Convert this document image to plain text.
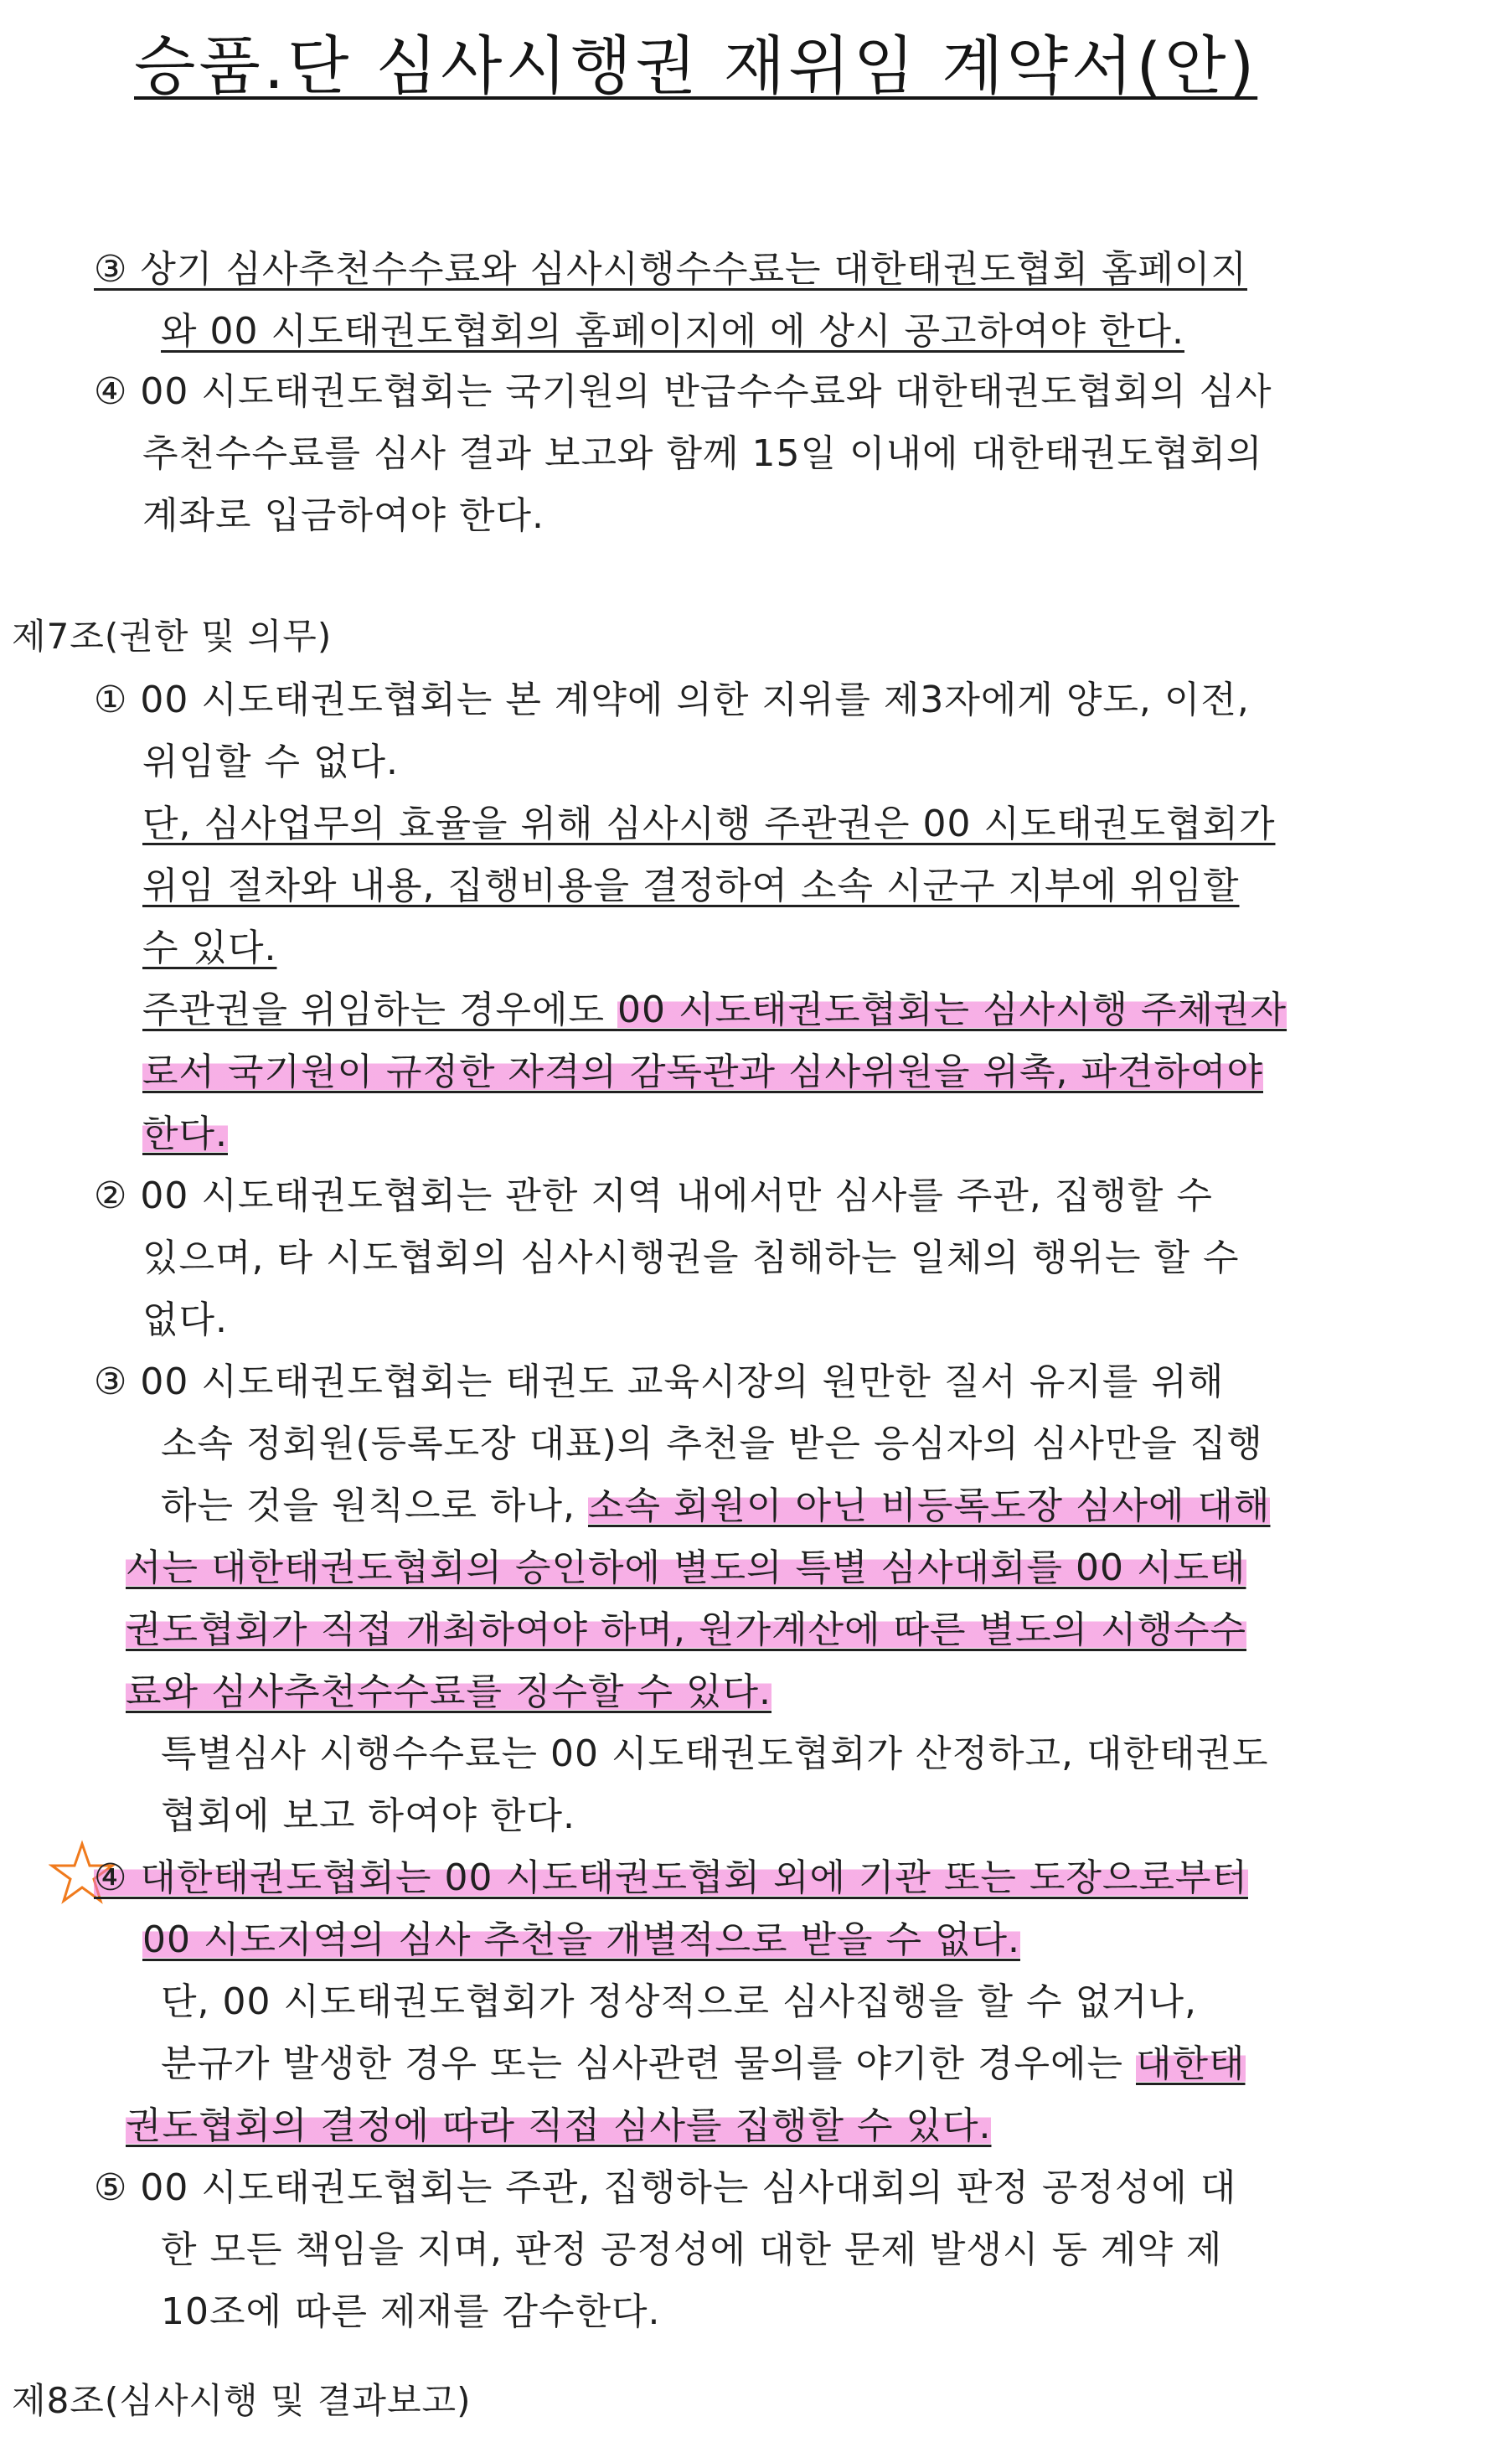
승품.단 심사시행권 재위임 계약서(안)
③ 상기 심사추천수수료와 심사시행수수료는 대한태권도협회 홈페이지
와 00 시도태권도협회의 홈페이지에 에 상시 공고하여야 한다.
④ 00 시도태권도협회는 국기원의 반급수수료와 대한태권도협회의 심사
추천수수료를 심사 결과 보고와 함께 15일 이내에 대한태권도협회의
계좌로 입금하여야 한다.
제7조(권한 및 의무)
① 00 시도태권도협회는 본 계약에 의한 지위를 제3자에게 양도, 이전,
위임할 수 없다.
단, 심사업무의 효율을 위해 심사시행 주관권은 00 시도태권도협회가
위임 절차와 내용, 집행비용을 결정하여 소속 시군구 지부에 위임할
수 있다.
주관권을 위임하는 경우에도 00 시도태권도협회는 심사시행 주체권자
로서 국기원이 규정한 자격의 감독관과 심사위원을 위촉, 파견하여야
한다.
② 00 시도태권도협회는 관한 지역 내에서만 심사를 주관, 집행할 수
있으며, 타 시도협회의 심사시행권을 침해하는 일체의 행위는 할 수
없다.
③ 00 시도태권도협회는 태권도 교육시장의 원만한 질서 유지를 위해
소속 정회원(등록도장 대표)의 추천을 받은 응심자의 심사만을 집행
하는 것을 원칙으로 하나, 소속 회원이 아닌 비등록도장 심사에 대해
서는 대한태권도협회의 승인하에 별도의 특별 심사대회를 00 시도태
권도협회가 직접 개최하여야 하며, 원가계산에 따른 별도의 시행수수
료와 심사추천수수료를 징수할 수 있다.
특별심사 시행수수료는 00 시도태권도협회가 산정하고, 대한태권도
협회에 보고 하여야 한다.
④ 대한태권도협회는 00 시도태권도협회 외에 기관 또는 도장으로부터
00 시도지역의 심사 추천을 개별적으로 받을 수 없다.
단, 00 시도태권도협회가 정상적으로 심사집행을 할 수 없거나,
분규가 발생한 경우 또는 심사관련 물의를 야기한 경우에는 대한태
권도협회의 결정에 따라 직접 심사를 집행할 수 있다.
⑤ 00 시도태권도협회는 주관, 집행하는 심사대회의 판정 공정성에 대
한 모든 책임을 지며, 판정 공정성에 대한 문제 발생시 동 계약 제
10조에 따른 제재를 감수한다.
제8조(심사시행 및 결과보고)
